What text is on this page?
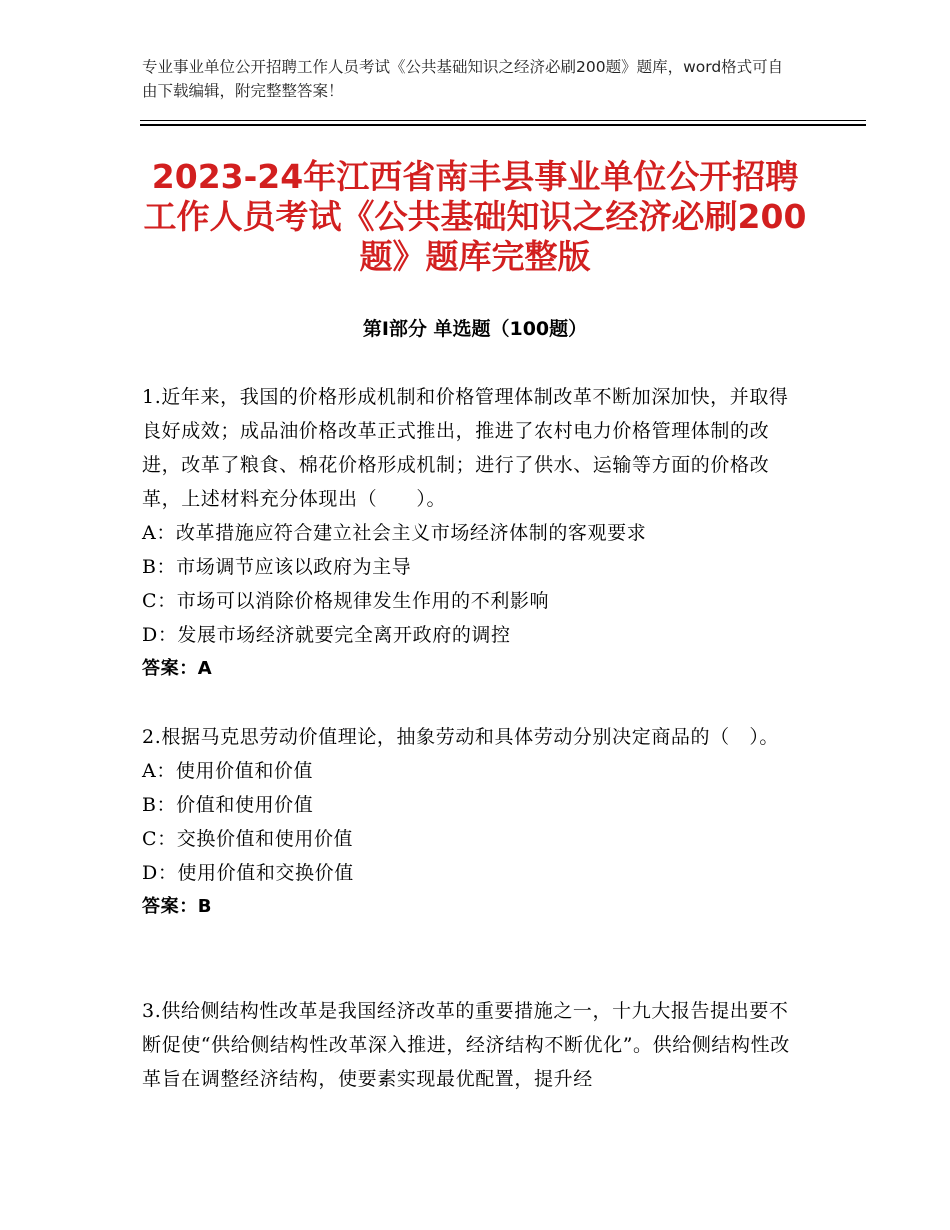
专业事业单位公开招聘工作人员考试《公共基础知识之经济必刷200题》题库，word格式可自由下载编辑，附完整整答案！
2023-24年江西省南丰县事业单位公开招聘工作人员考试《公共基础知识之经济必刷200题》题库完整版
第Ⅰ部分 单选题（100题）

1.近年来，我国的价格形成机制和价格管理体制改革不断加深加快，并取得良好成效；成品油价格改革正式推出，推进了农村电力价格管理体制的改进，改革了粮食、棉花价格形成机制；进行了供水、运输等方面的价格改革，上述材料充分体现出（　　）。

A：改革措施应符合建立社会主义市场经济体制的客观要求

B：市场调节应该以政府为主导

C：市场可以消除价格规律发生作用的不利影响

D：发展市场经济就要完全离开政府的调控

答案：A

2.根据马克思劳动价值理论，抽象劳动和具体劳动分别决定商品的（　）。

A：使用价值和价值

B：价值和使用价值

C：交换价值和使用价值

D：使用价值和交换价值

答案：B

3.供给侧结构性改革是我国经济改革的重要措施之一，十九大报告提出要不断促使“供给侧结构性改革深入推进，经济结构不断优化”。供给侧结构性改革旨在调整经济结构，使要素实现最优配置，提升经
